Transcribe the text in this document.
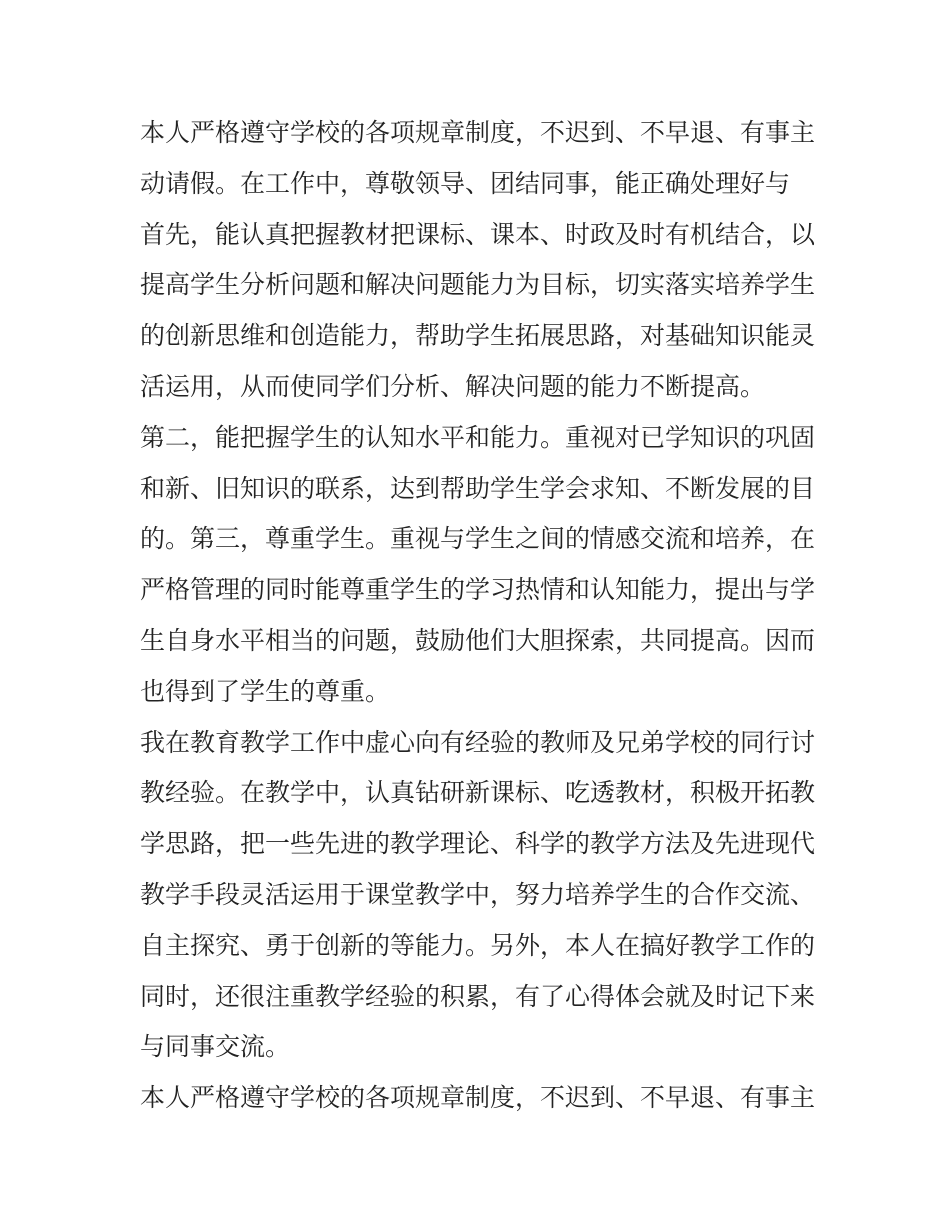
本人严格遵守学校的各项规章制度，不迟到、不早退、有事主
动请假。在工作中，尊敬领导、团结同事，能正确处理好与
首先，能认真把握教材把课标、课本、时政及时有机结合，以
提高学生分析问题和解决问题能力为目标，切实落实培养学生
的创新思维和创造能力，帮助学生拓展思路，对基础知识能灵
活运用，从而使同学们分析、解决问题的能力不断提高。
第二，能把握学生的认知水平和能力。重视对已学知识的巩固
和新、旧知识的联系，达到帮助学生学会求知、不断发展的目
的。第三，尊重学生。重视与学生之间的情感交流和培养，在
严格管理的同时能尊重学生的学习热情和认知能力，提出与学
生自身水平相当的问题，鼓励他们大胆探索，共同提高。因而
也得到了学生的尊重。
我在教育教学工作中虚心向有经验的教师及兄弟学校的同行讨
教经验。在教学中，认真钻研新课标、吃透教材，积极开拓教
学思路，把一些先进的教学理论、科学的教学方法及先进现代
教学手段灵活运用于课堂教学中，努力培养学生的合作交流、
自主探究、勇于创新的等能力。另外，本人在搞好教学工作的
同时，还很注重教学经验的积累，有了心得体会就及时记下来
与同事交流。
本人严格遵守学校的各项规章制度，不迟到、不早退、有事主
